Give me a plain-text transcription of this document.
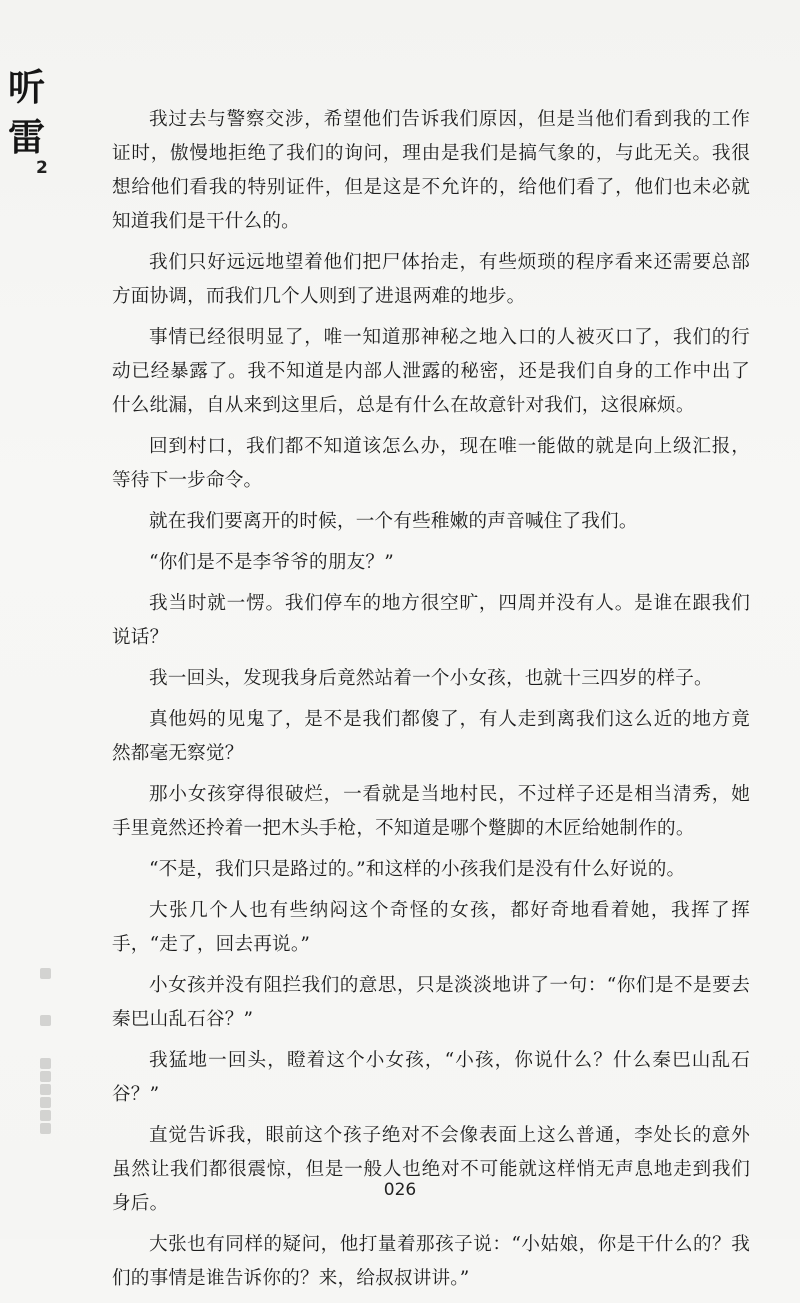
听
雷
2

我过去与警察交涉，希望他们告诉我们原因，但是当他们看到我的工作证时，傲慢地拒绝了我们的询问，理由是我们是搞气象的，与此无关。我很想给他们看我的特别证件，但是这是不允许的，给他们看了，他们也未必就知道我们是干什么的。

我们只好远远地望着他们把尸体抬走，有些烦琐的程序看来还需要总部方面协调，而我们几个人则到了进退两难的地步。

事情已经很明显了，唯一知道那神秘之地入口的人被灭口了，我们的行动已经暴露了。我不知道是内部人泄露的秘密，还是我们自身的工作中出了什么纰漏，自从来到这里后，总是有什么在故意针对我们，这很麻烦。

回到村口，我们都不知道该怎么办，现在唯一能做的就是向上级汇报，等待下一步命令。

就在我们要离开的时候，一个有些稚嫩的声音喊住了我们。

“你们是不是李爷爷的朋友？”

我当时就一愣。我们停车的地方很空旷，四周并没有人。是谁在跟我们说话？

我一回头，发现我身后竟然站着一个小女孩，也就十三四岁的样子。

真他妈的见鬼了，是不是我们都傻了，有人走到离我们这么近的地方竟然都毫无察觉？

那小女孩穿得很破烂，一看就是当地村民，不过样子还是相当清秀，她手里竟然还拎着一把木头手枪，不知道是哪个蹩脚的木匠给她制作的。

“不是，我们只是路过的。”和这样的小孩我们是没有什么好说的。

大张几个人也有些纳闷这个奇怪的女孩，都好奇地看着她，我挥了挥手，“走了，回去再说。”

小女孩并没有阻拦我们的意思，只是淡淡地讲了一句：“你们是不是要去秦巴山乱石谷？”

我猛地一回头，瞪着这个小女孩，“小孩，你说什么？什么秦巴山乱石谷？”

直觉告诉我，眼前这个孩子绝对不会像表面上这么普通，李处长的意外虽然让我们都很震惊，但是一般人也绝对不可能就这样悄无声息地走到我们身后。

大张也有同样的疑问，他打量着那孩子说：“小姑娘，你是干什么的？我们的事情是谁告诉你的？来，给叔叔讲讲。”

026
